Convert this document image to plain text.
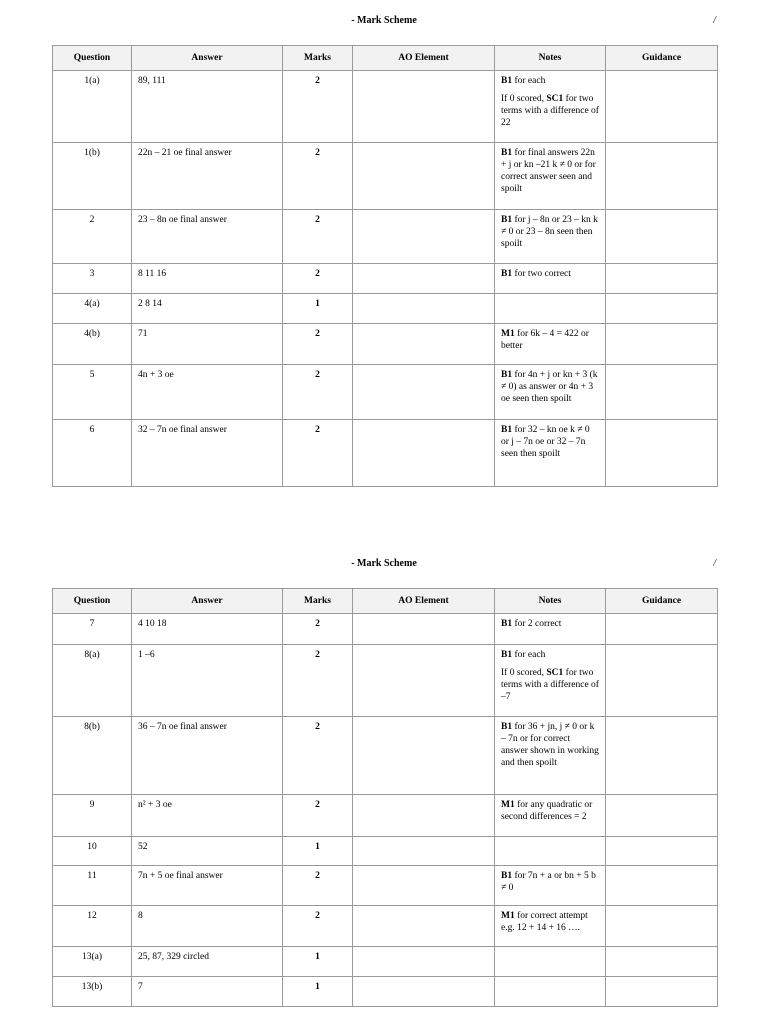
- Mark Scheme	/
Question	Answer	Marks	AO Element	Notes	Guidance
1(a)	89, 111	2		B1 for each

If 0 scored, SC1 for two terms with a difference of 22	

1(b)	22n – 21 oe final answer	2		B1 for final answers 22n + j or kn –21 k ≠ 0 or for correct answer seen and spoilt	

2	23 – 8n oe final answer	2		B1 for j – 8n or 23 – kn k ≠ 0 or 23 – 8n seen then spoilt	

3	8 11 16	2		B1 for two correct	

4(a)	2 8 14	1			
4(b)	71	2		M1 for 6k – 4 = 422 or better	

5	4n + 3 oe	2		B1 for 4n + j or kn + 3 (k ≠ 0) as answer or 4n + 3 oe seen then spoilt	

6	32 – 7n oe final answer	2		B1 for 32 – kn oe k ≠ 0 or j – 7n oe or 32 – 7n seen then spoilt	

- Mark Scheme	/
Question	Answer	Marks	AO Element	Notes	Guidance
7	4 10 18	2		B1 for 2 correct	

8(a)	1 –6	2		B1 for each

If 0 scored, SC1 for two terms with a difference of –7	

8(b)	36 – 7n oe final answer	2		B1 for 36 + jn, j ≠ 0 or k – 7n or for correct answer shown in working and then spoilt	

9	n² + 3 oe	2		M1 for any quadratic or second differences = 2	

10	52	1			
11	7n + 5 oe final answer	2		B1 for 7n + a or bn + 5 b ≠ 0	

12	8	2		M1 for correct attempt e.g. 12 + 14 + 16 ….	

13(a)	25, 87, 329 circled	1			
13(b)	7	1			
